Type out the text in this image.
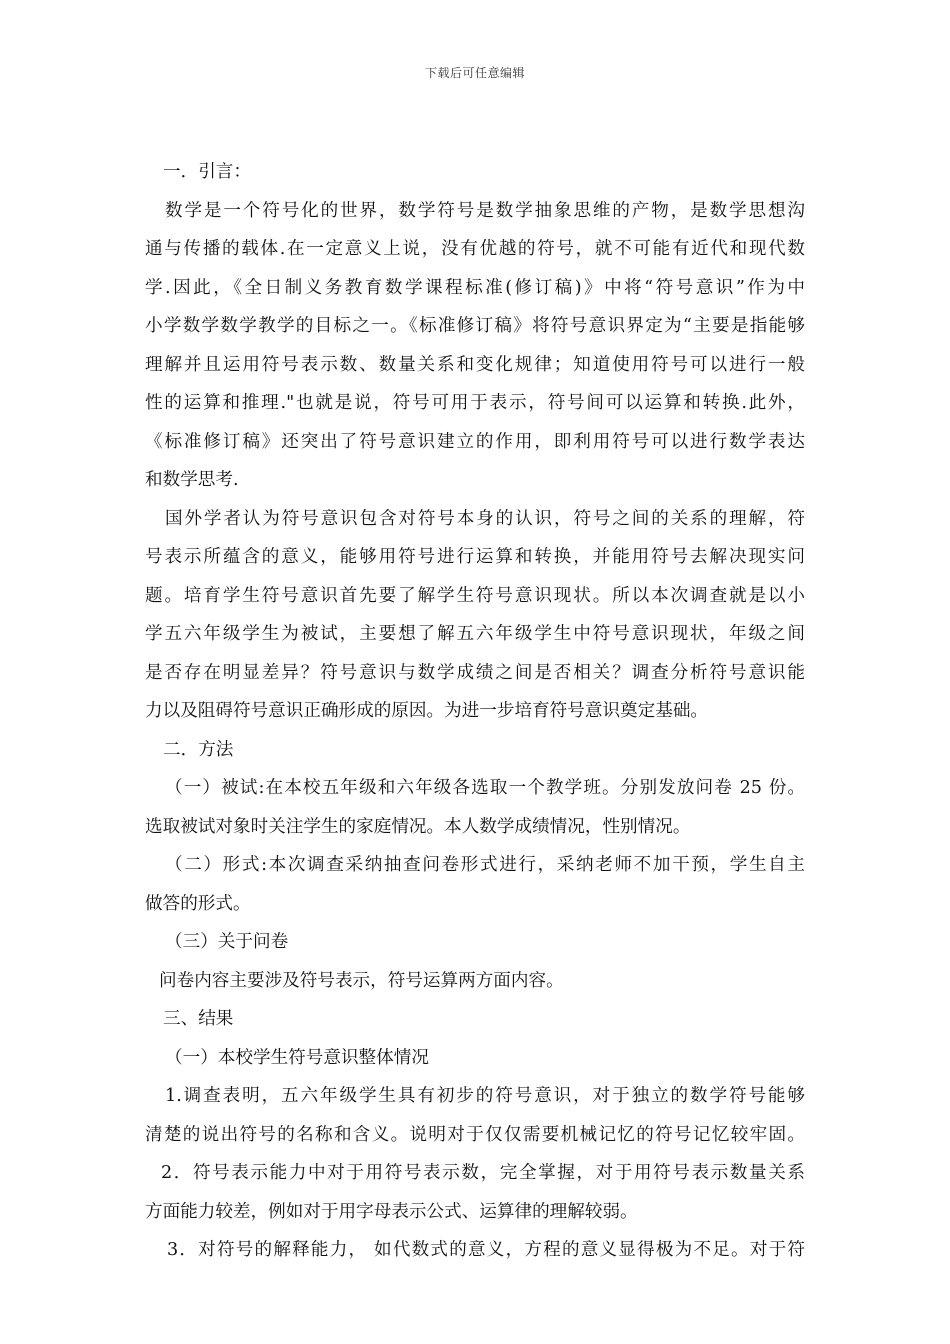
下载后可任意编辑
一．引言：
数学是一个符号化的世界，数学符号是数学抽象思维的产物，是数学思想沟
通与传播的载体.在一定意义上说，没有优越的符号，就不可能有近代和现代数
学.因此，《全日制义务教育数学课程标准(修订稿)》中将“符号意识”作为中
小学数学数学教学的目标之一。《标准修订稿》将符号意识界定为“主要是指能够
理解并且运用符号表示数、数量关系和变化规律；知道使用符号可以进行一般
性的运算和推理."也就是说，符号可用于表示，符号间可以运算和转换.此外，
《标准修订稿》还突出了符号意识建立的作用，即利用符号可以进行数学表达
和数学思考.
国外学者认为符号意识包含对符号本身的认识，符号之间的关系的理解，符
号表示所蕴含的意义，能够用符号进行运算和转换，并能用符号去解决现实问
题。培育学生符号意识首先要了解学生符号意识现状。所以本次调查就是以小
学五六年级学生为被试，主要想了解五六年级学生中符号意识现状，年级之间
是否存在明显差异？符号意识与数学成绩之间是否相关？调查分析符号意识能
力以及阻碍符号意识正确形成的原因。为进一步培育符号意识奠定基础。
二．方法
（一）被试:在本校五年级和六年级各选取一个教学班。分别发放问卷 25 份。
选取被试对象时关注学生的家庭情况。本人数学成绩情况，性别情况。
（二）形式:本次调查采纳抽查问卷形式进行，采纳老师不加干预，学生自主
做答的形式。
（三）关于问卷
问卷内容主要涉及符号表示，符号运算两方面内容。
三、结果
（一）本校学生符号意识整体情况
1.调查表明，五六年级学生具有初步的符号意识，对于独立的数学符号能够
清楚的说出符号的名称和含义。说明对于仅仅需要机械记忆的符号记忆较牢固。
2．符号表示能力中对于用符号表示数，完全掌握，对于用符号表示数量关系
方面能力较差，例如对于用字母表示公式、运算律的理解较弱。
3．对符号的解释能力， 如代数式的意义，方程的意义显得极为不足。对于符
